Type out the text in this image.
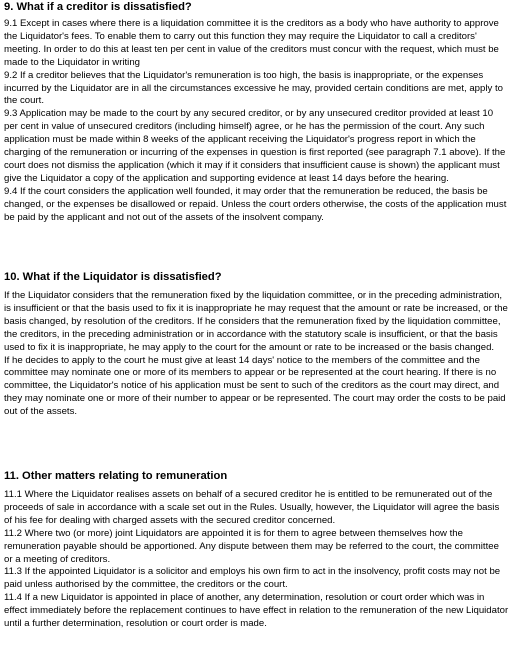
9. What if a creditor is dissatisfied?

9.1 Except in cases where there is a liquidation committee it is the creditors as a body who have authority to approve the Liquidator's fees. To enable them to carry out this function they may require the Liquidator to call a creditors' meeting. In order to do this at least ten per cent in value of the creditors must concur with the request, which must be made to the Liquidator in writing

9.2 If a creditor believes that the Liquidator's remuneration is too high, the basis is inappropriate, or the expenses incurred by the Liquidator are in all the circumstances excessive he may, provided certain conditions are met, apply to the court.

9.3 Application may be made to the court by any secured creditor, or by any unsecured creditor provided at least 10 per cent in value of unsecured creditors (including himself) agree, or he has the permission of the court. Any such application must be made within 8 weeks of the applicant receiving the Liquidator's progress report in which the charging of the remuneration or incurring of the expenses in question is first reported (see paragraph 7.1 above). If the court does not dismiss the application (which it may if it considers that insufficient cause is shown) the applicant must give the Liquidator a copy of the application and supporting evidence at least 14 days before the hearing.

9.4 If the court considers the application well founded, it may order that the remuneration be reduced, the basis be changed, or the expenses be disallowed or repaid. Unless the court orders otherwise, the costs of the application must be paid by the applicant and not out of the assets of the insolvent company.

10. What if the Liquidator is dissatisfied?

If the Liquidator considers that the remuneration fixed by the liquidation committee, or in the preceding administration, is insufficient or that the basis used to fix it is inappropriate he may request that the amount or rate be increased, or the basis changed, by resolution of the creditors. If he considers that the remuneration fixed by the liquidation committee, the creditors, in the preceding administration or in accordance with the statutory scale is insufficient, or that the basis used to fix it is inappropriate, he may apply to the court for the amount or rate to be increased or the basis changed.

If he decides to apply to the court he must give at least 14 days' notice to the members of the committee and the committee may nominate one or more of its members to appear or be represented at the court hearing. If there is no committee, the Liquidator's notice of his application must be sent to such of the creditors as the court may direct, and they may nominate one or more of their number to appear or be represented. The court may order the costs to be paid out of the assets.

11. Other matters relating to remuneration

11.1 Where the Liquidator realises assets on behalf of a secured creditor he is entitled to be remunerated out of the proceeds of sale in accordance with a scale set out in the Rules. Usually, however, the Liquidator will agree the basis of his fee for dealing with charged assets with the secured creditor concerned.

11.2 Where two (or more) joint Liquidators are appointed it is for them to agree between themselves how the remuneration payable should be apportioned. Any dispute between them may be referred to the court, the committee or a meeting of creditors.

11.3 If the appointed Liquidator is a solicitor and employs his own firm to act in the insolvency, profit costs may not be paid unless authorised by the committee, the creditors or the court.

11.4 If a new Liquidator is appointed in place of another, any determination, resolution or court order which was in effect immediately before the replacement continues to have effect in relation to the remuneration of the new Liquidator until a further determination, resolution or court order is made.
